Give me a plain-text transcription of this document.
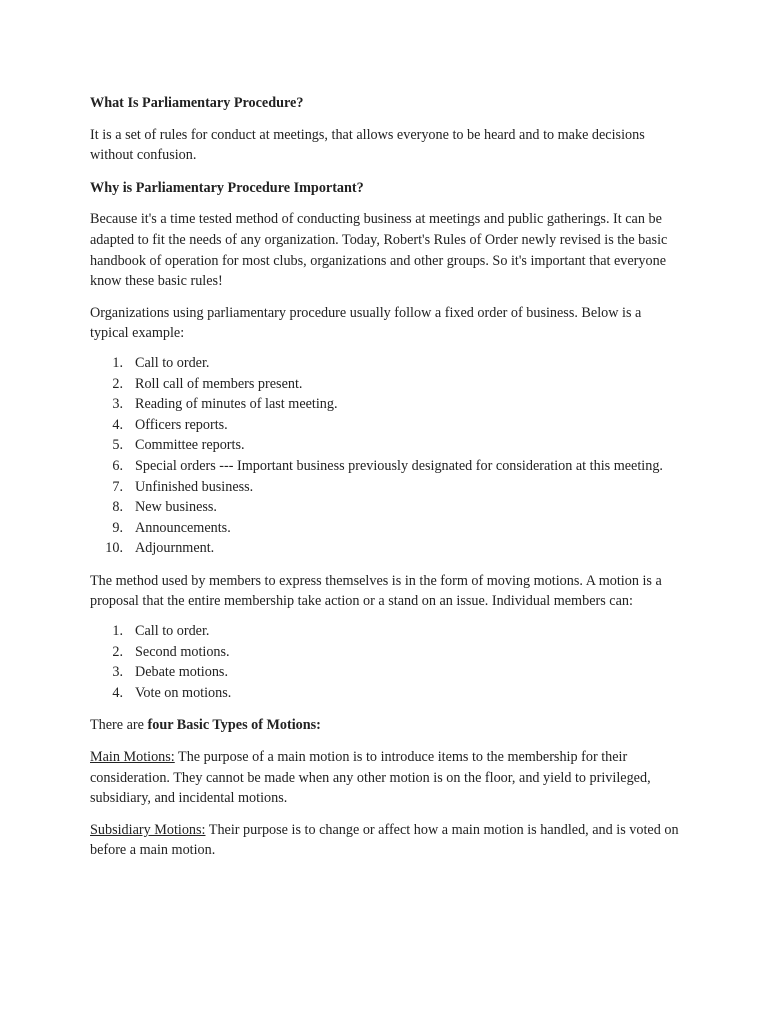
What Is Parliamentary Procedure?

It is a set of rules for conduct at meetings, that allows everyone to be heard and to make decisions without confusion.

Why is Parliamentary Procedure Important?

Because it's a time tested method of conducting business at meetings and public gatherings. It can be adapted to fit the needs of any organization. Today, Robert's Rules of Order newly revised is the basic handbook of operation for most clubs, organizations and other groups. So it's important that everyone know these basic rules!

Organizations using parliamentary procedure usually follow a fixed order of business. Below is a typical example:

1. Call to order.
2. Roll call of members present.
3. Reading of minutes of last meeting.
4. Officers reports.
5. Committee reports.
6. Special orders --- Important business previously designated for consideration at this meeting.
7. Unfinished business.
8. New business.
9. Announcements.
10. Adjournment.

The method used by members to express themselves is in the form of moving motions. A motion is a proposal that the entire membership take action or a stand on an issue. Individual members can:

1. Call to order.
2. Second motions.
3. Debate motions.
4. Vote on motions.

There are four Basic Types of Motions:

Main Motions: The purpose of a main motion is to introduce items to the membership for their consideration. They cannot be made when any other motion is on the floor, and yield to privileged, subsidiary, and incidental motions.

Subsidiary Motions: Their purpose is to change or affect how a main motion is handled, and is voted on before a main motion.
